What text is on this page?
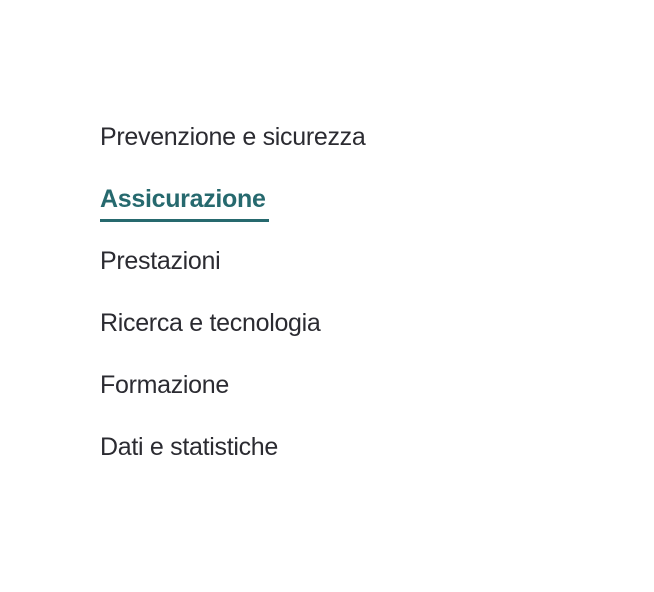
Prevenzione e sicurezza
Assicurazione
Prestazioni
Ricerca e tecnologia
Formazione
Dati e statistiche
